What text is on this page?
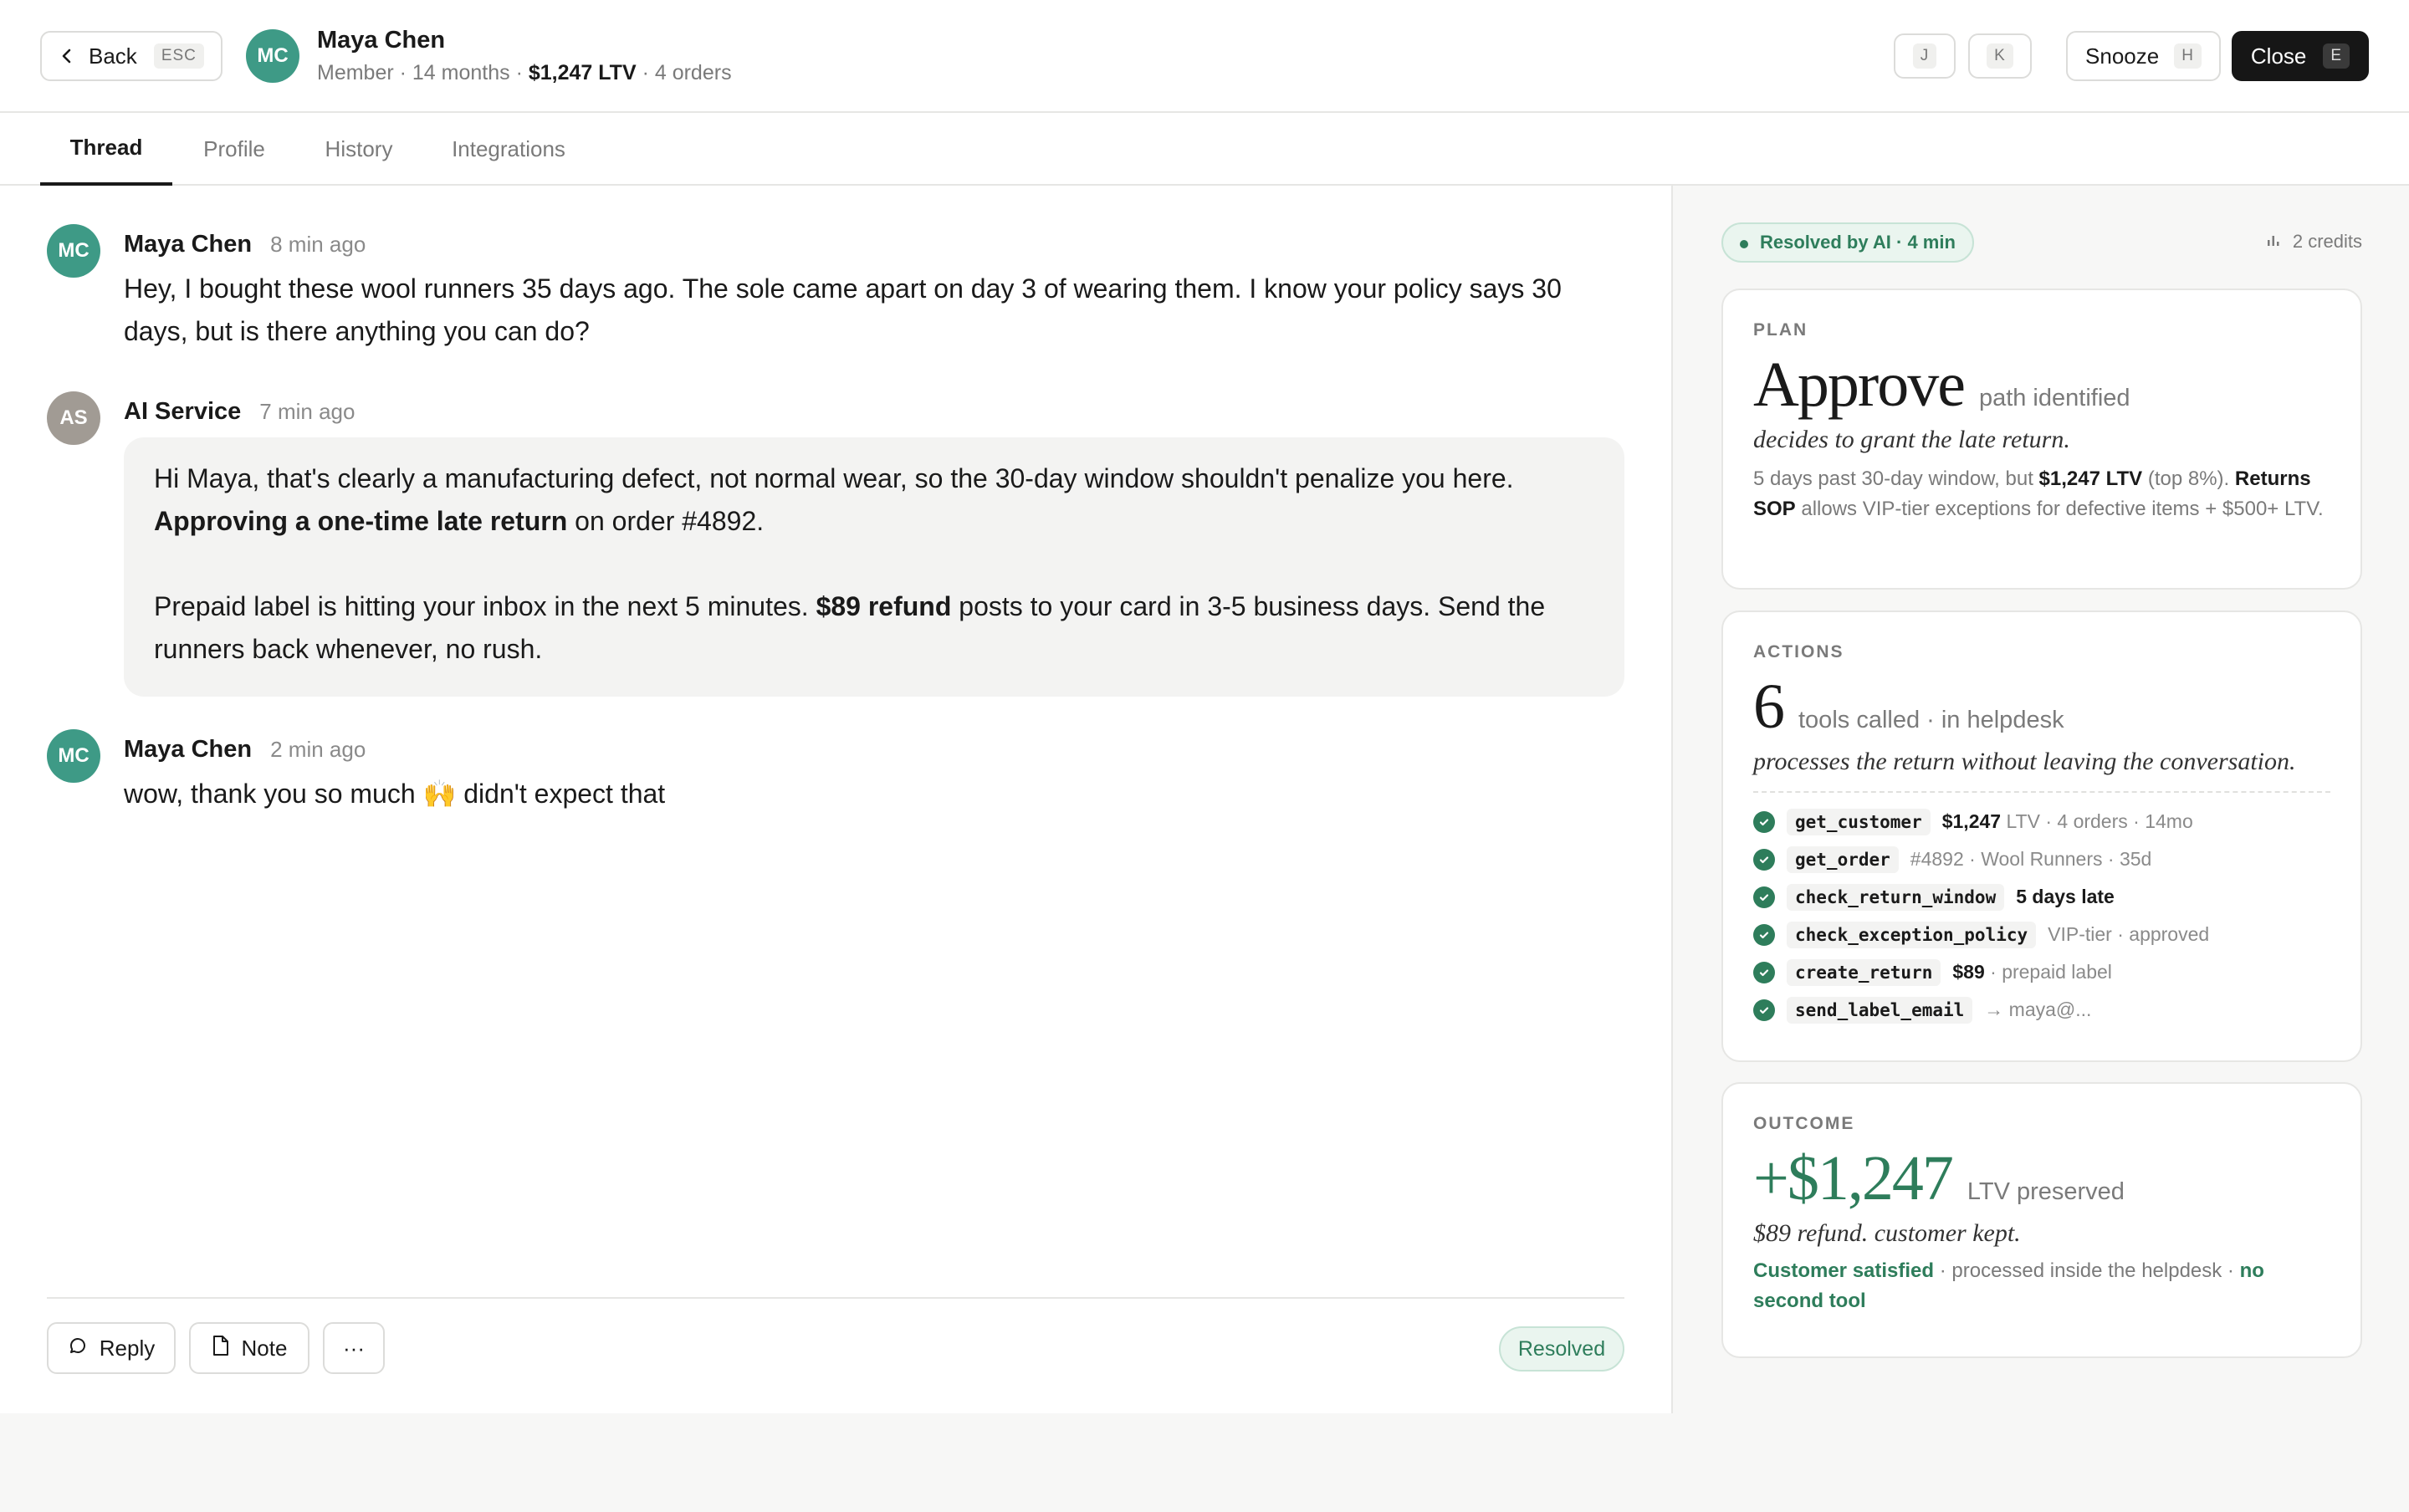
Back	ESC	MC
Maya Chen
Member · 14 months · $1,247 LTV · 4 orders
J	K	Snooze	H	Close	E
Thread	Profile	History	Integrations
MC	Maya Chen 8 min ago
Hey, I bought these wool runners 35 days ago. The sole came apart on day 3 of wearing them. I know your policy says 30 days, but is there anything you can do?
AS	AI Service 7 min ago

Hi Maya, that's clearly a manufacturing defect, not normal wear, so the 30-day window shouldn't penalize you here. Approving a one-time late return on order #4892.

Prepaid label is hitting your inbox in the next 5 minutes. $89 refund posts to your card in 3-5 business days. Send the runners back whenever, no rush.

MC	Maya Chen 2 min ago
wow, thank you so much 🙌 didn't expect that
Reply	Note	···	Resolved
Resolved by AI · 4 min	2 credits
PLAN
Approve path identified
decides to grant the late return.
5 days past 30-day window, but $1,247 LTV (top 8%). Returns SOP allows VIP-tier exceptions for defective items + $500+ LTV.
ACTIONS
6 tools called · in helpdesk
processes the return without leaving the conversation.
get_customer	$1,247 LTV · 4 orders · 14mo
get_order	#4892 · Wool Runners · 35d
check_return_window	5 days late
check_exception_policy	VIP-tier · approved
create_return	$89 · prepaid label
send_label_email	→ maya@...
OUTCOME
+$1,247 LTV preserved
$89 refund. customer kept.
Customer satisfied · processed inside the helpdesk · no second tool
